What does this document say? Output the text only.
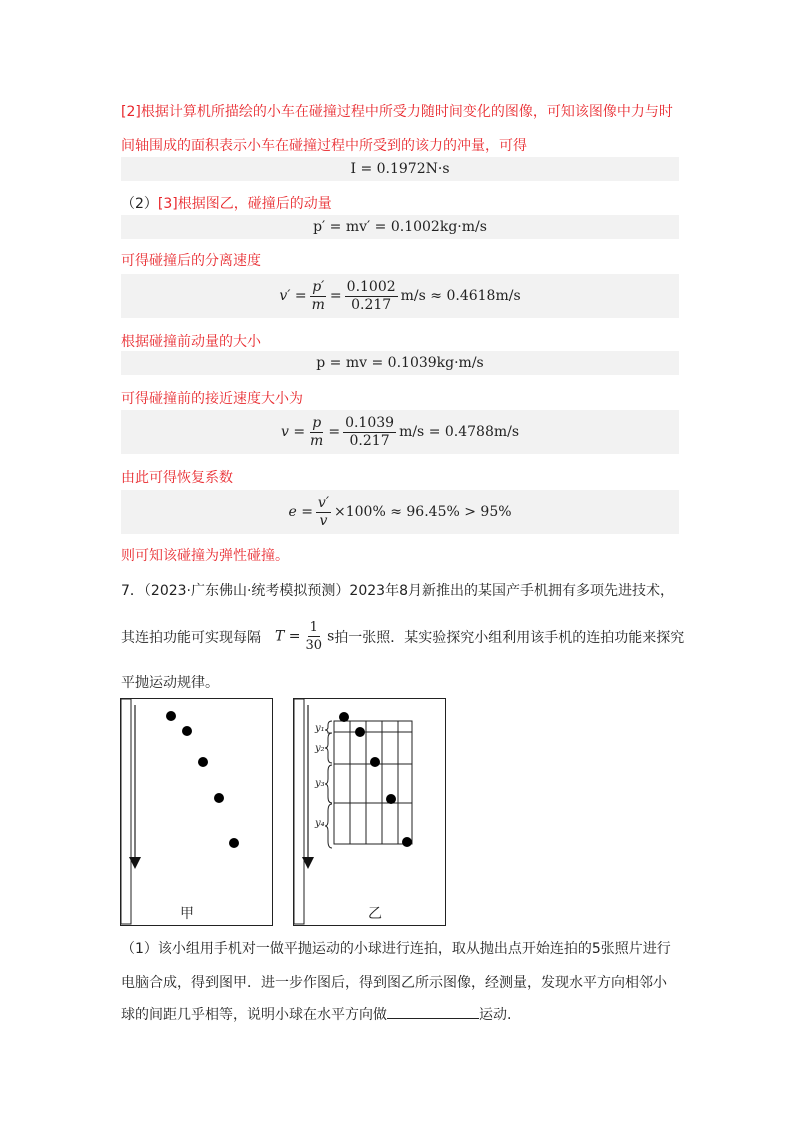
[2]根据计算机所描绘的小车在碰撞过程中所受力随时间变化的图像，可知该图像中力与时
间轴围成的面积表示小车在碰撞过程中所受到的该力的冲量，可得
I = 0.1972N·s
（2）[3]根据图乙，碰撞后的动量
p′ = mv′ = 0.1002kg·m/s
可得碰撞后的分离速度
$v' = \frac{p'}{m} = \frac{0.1002}{0.217} m/s \approx 0.4618m/s$
根据碰撞前动量的大小
p = mv = 0.1039kg·m/s
可得碰撞前的接近速度大小为
$v = \frac{p}{m} = \frac{0.1039}{0.217} m/s = 0.4788m/s$
由此可得恢复系数
$e = \frac{v'}{v} \times 100\% \approx 96.45\% > 95\%$
则可知该碰撞为弹性碰撞。
7．（2023·广东佛山·统考模拟预测）2023年8月新推出的某国产手机拥有多项先进技术，
其连拍功能可实现每隔 $T = \frac{1}{30}$ s 拍一张照．某实验探究小组利用该手机的连拍功能来探究
平抛运动规律。
甲
y₁
y₂
y₃
y₄
乙
（1）该小组用手机对一做平抛运动的小球进行连拍，取从抛出点开始连拍的5张照片进行
电脑合成，得到图甲．进一步作图后，得到图乙所示图像，经测量，发现水平方向相邻小
球的间距几乎相等，说明小球在水平方向做	运动.
